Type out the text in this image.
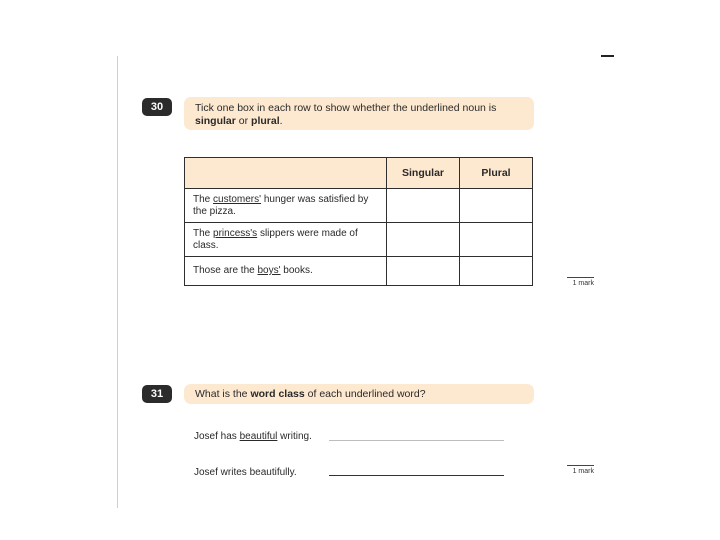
30	Tick one box in each row to show whether the underlined noun is
singular or plural.
	Singular	Plural
The customers' hunger was satisfied by the pizza.		
The princess's slippers were made of class.		
Those are the boys' books.		
1 mark
31	What is the word class of each underlined word?
Josef has beautiful writing.
Josef writes beautifully.	1 mark
